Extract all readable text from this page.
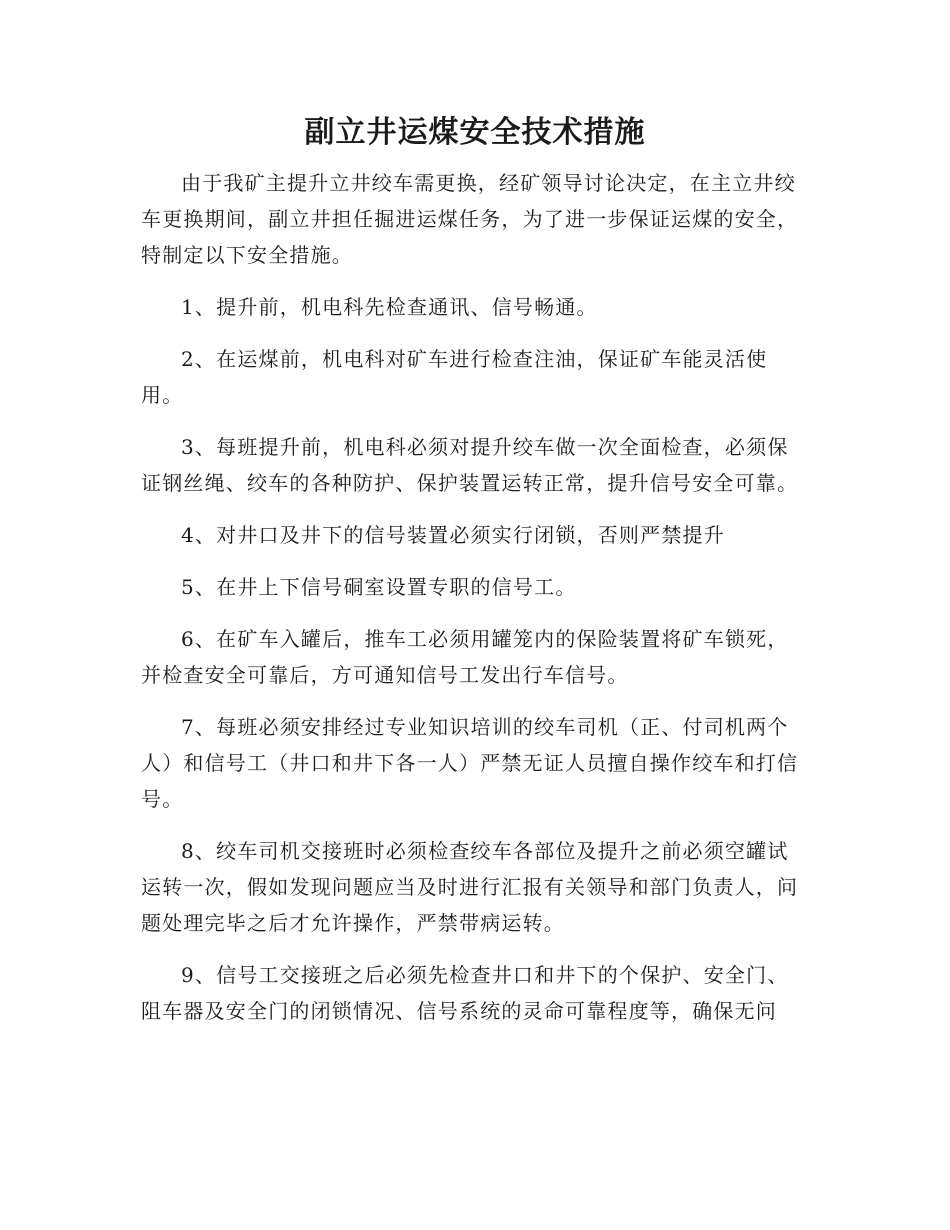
副立井运煤安全技术措施

由于我矿主提升立井绞车需更换，经矿领导讨论决定，在主立井绞车更换期间，副立井担任掘进运煤任务，为了进一步保证运煤的安全，特制定以下安全措施。

1、提升前，机电科先检查通讯、信号畅通。

2、在运煤前，机电科对矿车进行检查注油，保证矿车能灵活使用。

3、每班提升前，机电科必须对提升绞车做一次全面检查，必须保证钢丝绳、绞车的各种防护、保护装置运转正常，提升信号安全可靠。

4、对井口及井下的信号装置必须实行闭锁，否则严禁提升

5、在井上下信号硐室设置专职的信号工。

6、在矿车入罐后，推车工必须用罐笼内的保险装置将矿车锁死，并检查安全可靠后，方可通知信号工发出行车信号。

7、每班必须安排经过专业知识培训的绞车司机（正、付司机两个人）和信号工（井口和井下各一人）严禁无证人员擅自操作绞车和打信号。

8、绞车司机交接班时必须检查绞车各部位及提升之前必须空罐试运转一次，假如发现问题应当及时进行汇报有关领导和部门负责人，问题处理完毕之后才允许操作，严禁带病运转。

9、信号工交接班之后必须先检查井口和井下的个保护、安全门、阻车器及安全门的闭锁情况、信号系统的灵命可靠程度等，确保无问
